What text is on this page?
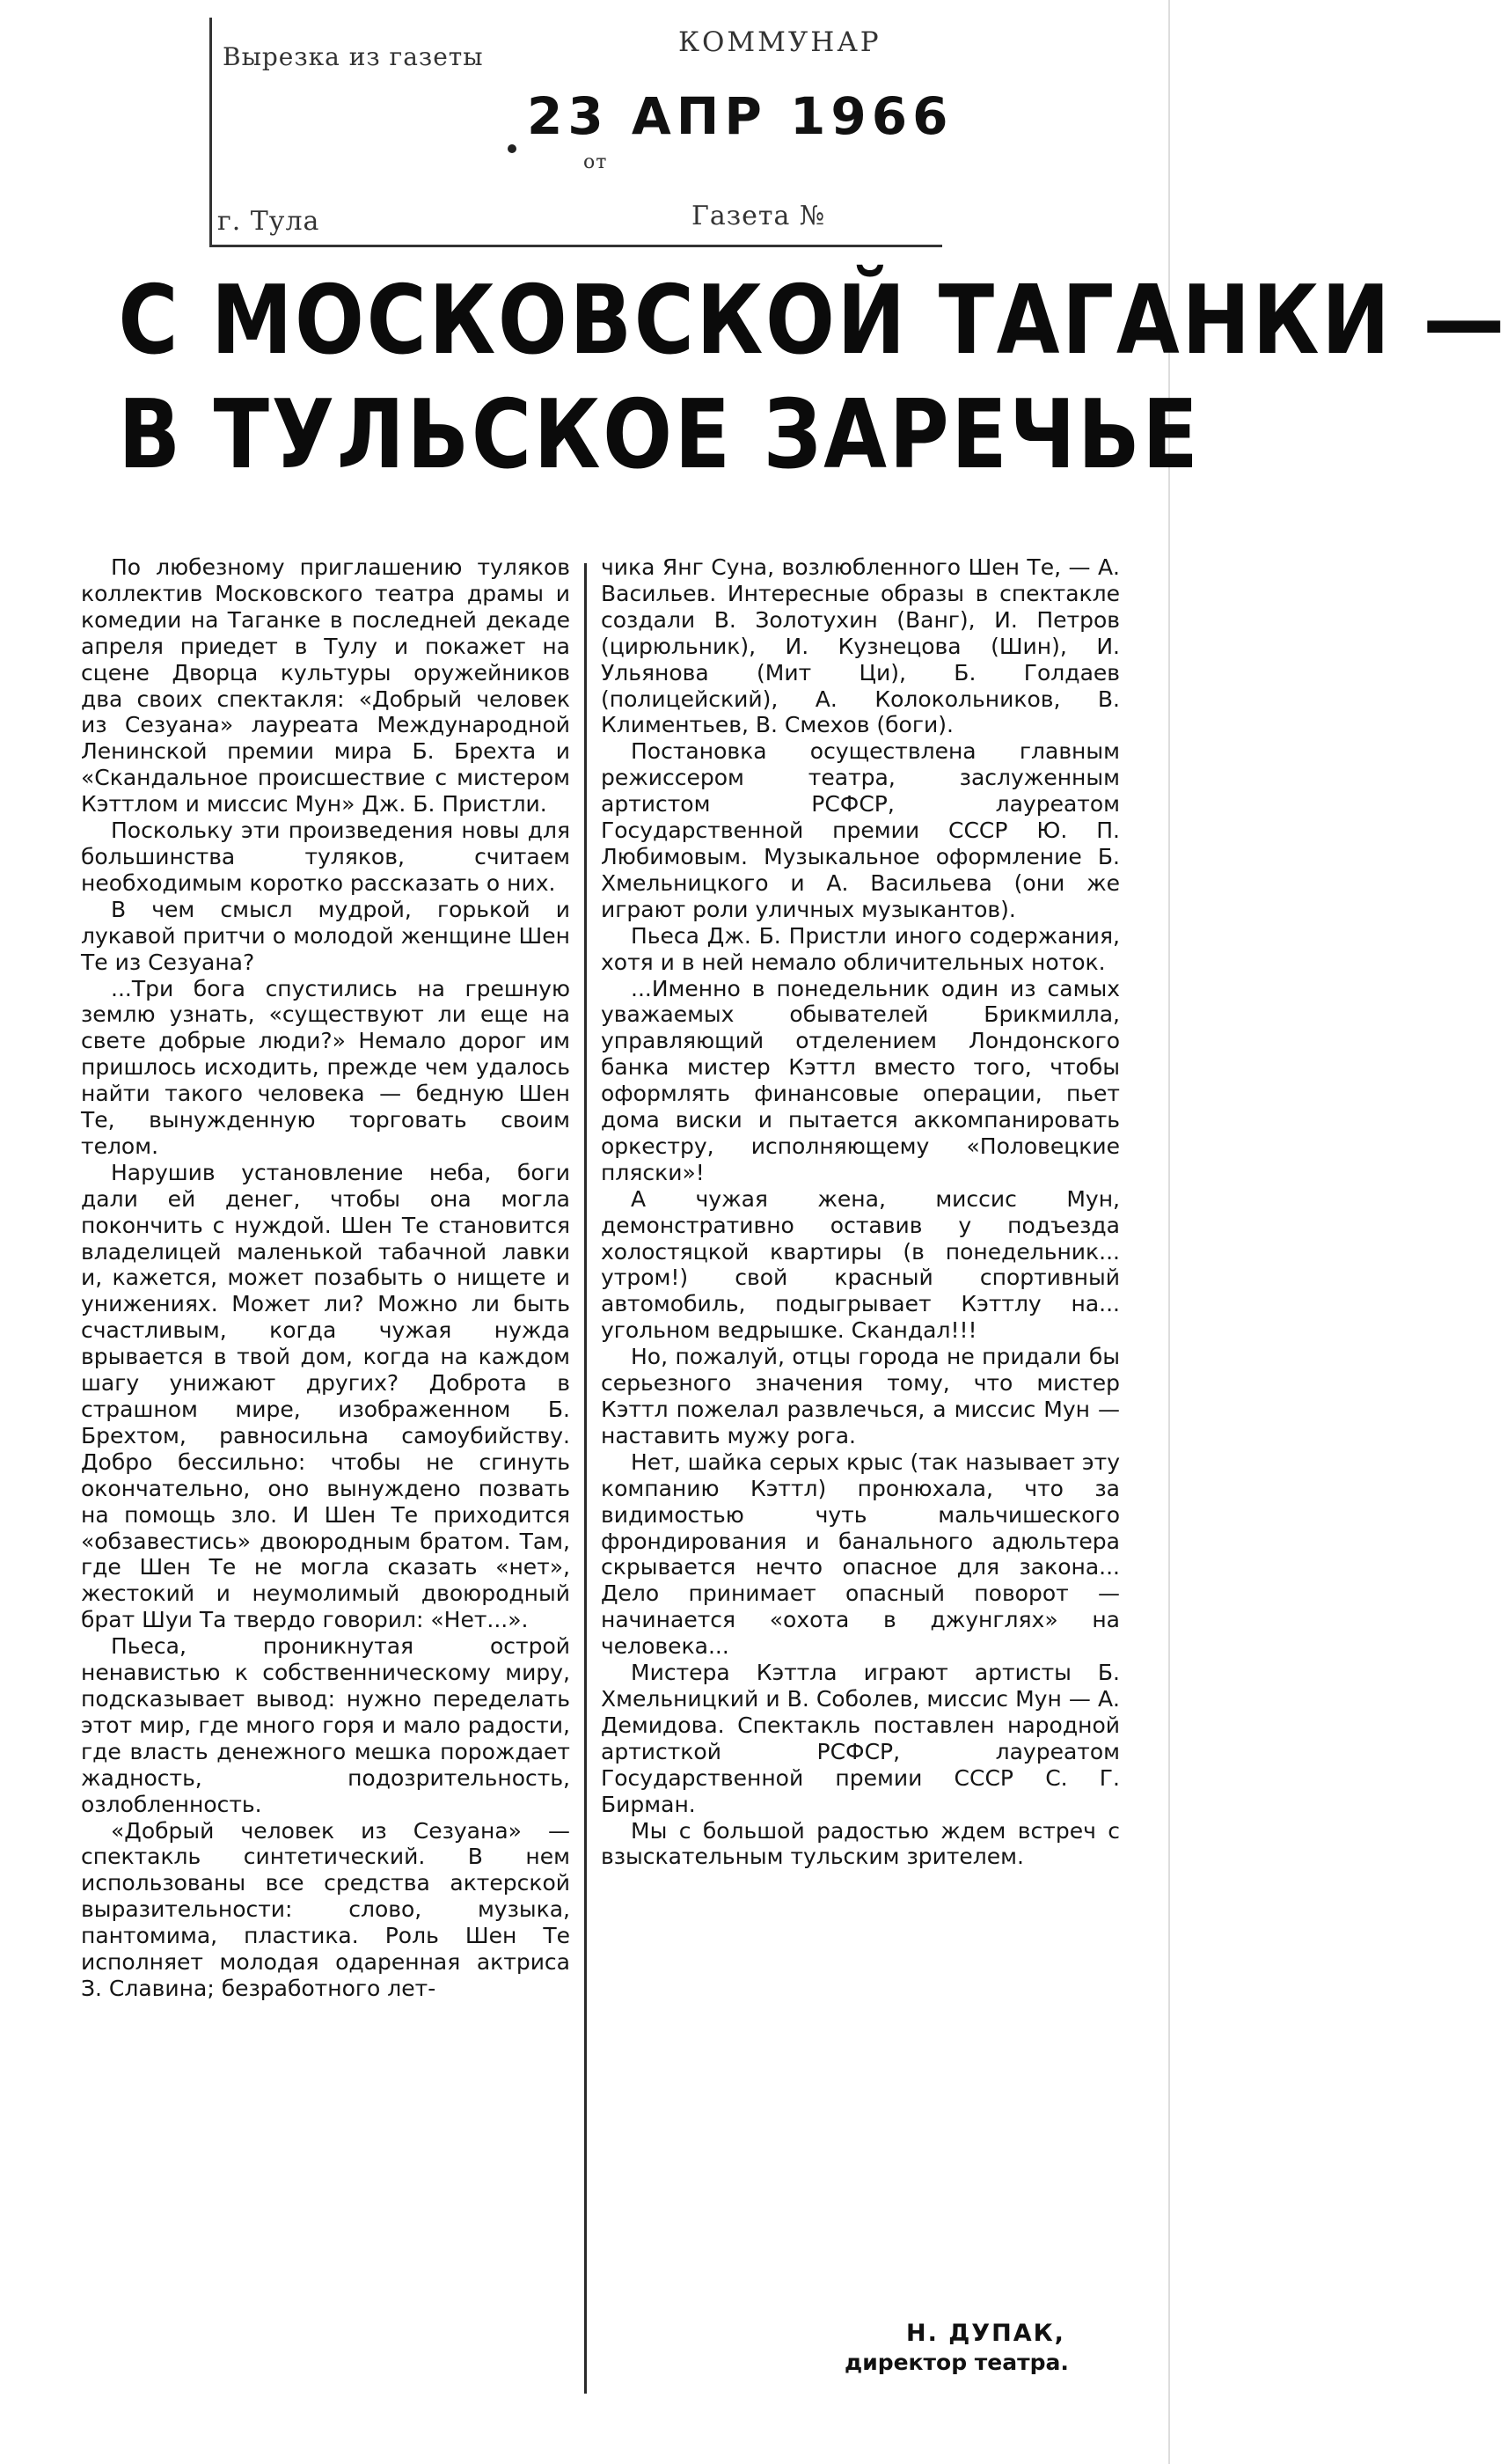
Вырезка из газеты	КОММУНАР
23 АПР 1966
от
г. Тула	Газета №
С МОСКОВСКОЙ ТАГАНКИ —
В ТУЛЬСКОЕ ЗАРЕЧЬЕ

По любезному приглашению туляков коллектив Московского театра драмы и комедии на Таганке в последней декаде апреля приедет в Тулу и покажет на сцене Дворца культуры оружейников два своих спектакля: «Добрый человек из Сезуана» лауреата Международной Ленинской премии мира Б. Брехта и «Скандальное происшествие с мистером Кэттлом и миссис Мун» Дж. Б. Пристли.

Поскольку эти произведения новы для большинства туляков, считаем необходимым коротко рассказать о них.

В чем смысл мудрой, горькой и лукавой притчи о молодой женщине Шен Те из Сезуана?

...Три бога спустились на грешную землю узнать, «существуют ли еще на свете добрые люди?» Немало дорог им пришлось исходить, прежде чем удалось найти такого человека — бедную Шен Те, вынужденную торговать своим телом.

Нарушив установление неба, боги дали ей денег, чтобы она могла покончить с нуждой. Шен Те становится владелицей маленькой табачной лавки и, кажется, может позабыть о нищете и унижениях. Может ли? Можно ли быть счастливым, когда чужая нужда врывается в твой дом, когда на каждом шагу унижают других? Доброта в страшном мире, изображенном Б. Брехтом, равносильна самоубийству. Добро бессильно: чтобы не сгинуть окончательно, оно вынуждено позвать на помощь зло. И Шен Те приходится «обзавестись» двоюродным братом. Там, где Шен Те не могла сказать «нет», жестокий и неумолимый двоюродный брат Шуи Та твердо говорил: «Нет...».

Пьеса, проникнутая острой ненавистью к собственническому миру, подсказывает вывод: нужно переделать этот мир, где много горя и мало радости, где власть денежного мешка порождает жадность, подозрительность, озлобленность.

«Добрый человек из Сезуана» — спектакль синтетический. В нем использованы все средства актерской выразительности: слово, музыка, пантомима, пластика. Роль Шен Те исполняет молодая одаренная актриса З. Славина; безработного лет-

чика Янг Суна, возлюбленного Шен Те, — А. Васильев. Интересные образы в спектакле создали В. Золотухин (Ванг), И. Петров (цирюльник), И. Кузнецова (Шин), И. Ульянова (Мит Ци), Б. Голдаев (полицейский), А. Колокольников, В. Климентьев, В. Смехов (боги).

Постановка осуществлена главным режиссером театра, заслуженным артистом РСФСР, лауреатом Государственной премии СССР Ю. П. Любимовым. Музыкальное оформление Б. Хмельницкого и А. Васильева (они же играют роли уличных музыкантов).

Пьеса Дж. Б. Пристли иного содержания, хотя и в ней немало обличительных ноток.

...Именно в понедельник один из самых уважаемых обывателей Брикмилла, управляющий отделением Лондонского банка мистер Кэттл вместо того, чтобы оформлять финансовые операции, пьет дома виски и пытается аккомпанировать оркестру, исполняющему «Половецкие пляски»!

А чужая жена, миссис Мун, демонстративно оставив у подъезда холостяцкой квартиры (в понедельник... утром!) свой красный спортивный автомобиль, подыгрывает Кэттлу на... угольном ведрышке. Скандал!!!

Но, пожалуй, отцы города не придали бы серьезного значения тому, что мистер Кэттл пожелал развлечься, а миссис Мун — наставить мужу рога.

Нет, шайка серых крыс (так называет эту компанию Кэттл) пронюхала, что за видимостью чуть мальчишеского фрондирования и банального адюльтера скрывается нечто опасное для закона... Дело принимает опасный поворот — начинается «охота в джунглях» на человека...

Мистера Кэттла играют артисты Б. Хмельницкий и В. Соболев, миссис Мун — А. Демидова. Спектакль поставлен народной артисткой РСФСР, лауреатом Государственной премии СССР С. Г. Бирман.

Мы с большой радостью ждем встреч с взыскательным тульским зрителем.

Н. ДУПАК,
директор театра.
